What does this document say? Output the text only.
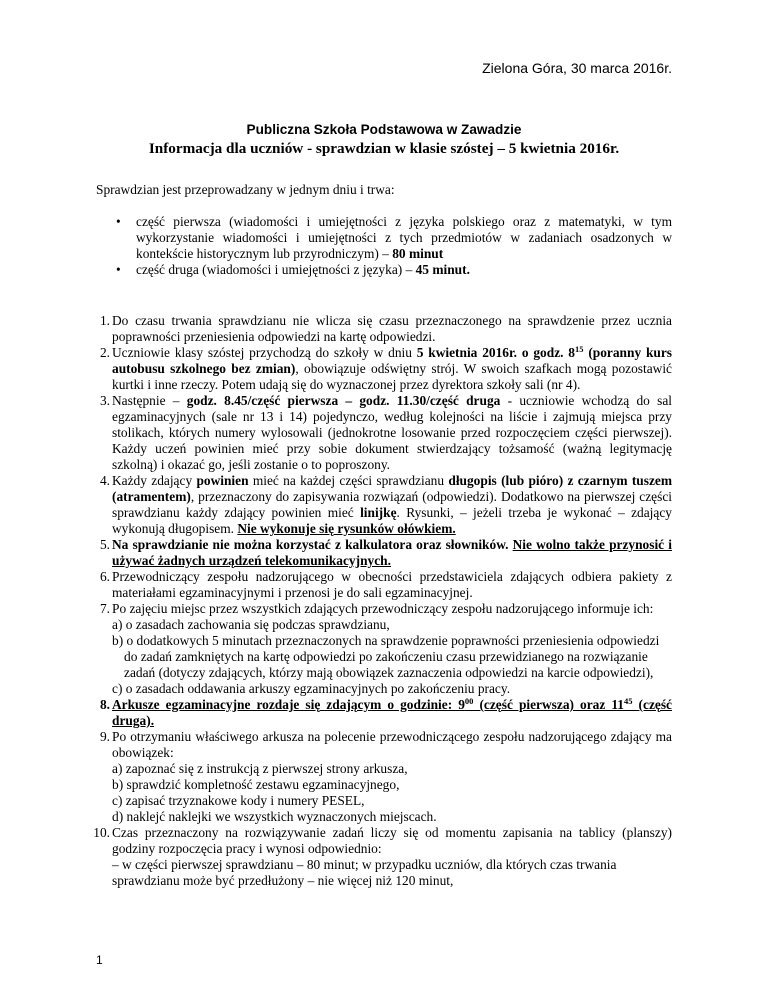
Zielona Góra, 30 marca 2016r.
Publiczna Szkoła Podstawowa w Zawadzie
Informacja dla uczniów - sprawdzian w klasie szóstej – 5 kwietnia 2016r.
Sprawdzian jest przeprowadzany w jednym dniu i trwa:
• część pierwsza (wiadomości i umiejętności z języka polskiego oraz z matematyki, w tym wykorzystanie wiadomości i umiejętności z tych przedmiotów w zadaniach osadzonych w kontekście historycznym lub przyrodniczym) – 80 minut
• część druga (wiadomości i umiejętności z języka) – 45 minut.
1. Do czasu trwania sprawdzianu nie wlicza się czasu przeznaczonego na sprawdzenie przez ucznia poprawności przeniesienia odpowiedzi na kartę odpowiedzi.
2. Uczniowie klasy szóstej przychodzą do szkoły w dniu 5 kwietnia 2016r. o godz. $8^{15}$ (poranny kurs autobusu szkolnego bez zmian), obowiązuje odświętny strój. W swoich szafkach mogą pozostawić kurtki i inne rzeczy. Potem udają się do wyznaczonej przez dyrektora szkoły sali (nr 4).
3. Następnie – godz. 8.45/część pierwsza – godz. 11.30/część druga - uczniowie wchodzą do sal egzaminacyjnych (sale nr 13 i 14) pojedynczo, według kolejności na liście i zajmują miejsca przy stolikach, których numery wylosowali (jednokrotne losowanie przed rozpoczęciem części pierwszej). Każdy uczeń powinien mieć przy sobie dokument stwierdzający tożsamość (ważną legitymację szkolną) i okazać go, jeśli zostanie o to poproszony.
4. Każdy zdający powinien mieć na każdej części sprawdzianu długopis (lub pióro) z czarnym tuszem (atramentem), przeznaczony do zapisywania rozwiązań (odpowiedzi). Dodatkowo na pierwszej części sprawdzianu każdy zdający powinien mieć linijkę. Rysunki, – jeżeli trzeba je wykonać – zdający wykonują długopisem. Nie wykonuje się rysunków ołówkiem.
5. Na sprawdzianie nie można korzystać z kalkulatora oraz słowników. Nie wolno także przynosić i używać żadnych urządzeń telekomunikacyjnych.
6. Przewodniczący zespołu nadzorującego w obecności przedstawiciela zdających odbiera pakiety z materiałami egzaminacyjnymi i przenosi je do sali egzaminacyjnej.
7. Po zajęciu miejsc przez wszystkich zdających przewodniczący zespołu nadzorującego informuje ich:
a) o zasadach zachowania się podczas sprawdzianu,
b) o dodatkowych 5 minutach przeznaczonych na sprawdzenie poprawności przeniesienia odpowiedzi do zadań zamkniętych na kartę odpowiedzi po zakończeniu czasu przewidzianego na rozwiązanie zadań (dotyczy zdających, którzy mają obowiązek zaznaczenia odpowiedzi na karcie odpowiedzi),
c) o zasadach oddawania arkuszy egzaminacyjnych po zakończeniu pracy.
8. Arkusze egzaminacyjne rozdaje się zdającym o godzinie: $9^{00}$ (część pierwsza) oraz $11^{45}$ (część druga).
9. Po otrzymaniu właściwego arkusza na polecenie przewodniczącego zespołu nadzorującego zdający ma obowiązek:
a) zapoznać się z instrukcją z pierwszej strony arkusza,
b) sprawdzić kompletność zestawu egzaminacyjnego,
c) zapisać trzyznakowe kody i numery PESEL,
d) naklejć naklejki we wszystkich wyznaczonych miejscach.
10. Czas przeznaczony na rozwiązywanie zadań liczy się od momentu zapisania na tablicy (planszy) godziny rozpoczęcia pracy i wynosi odpowiednio:
– w części pierwszej sprawdzianu – 80 minut; w przypadku uczniów, dla których czas trwania sprawdzianu może być przedłużony – nie więcej niż 120 minut,
1
